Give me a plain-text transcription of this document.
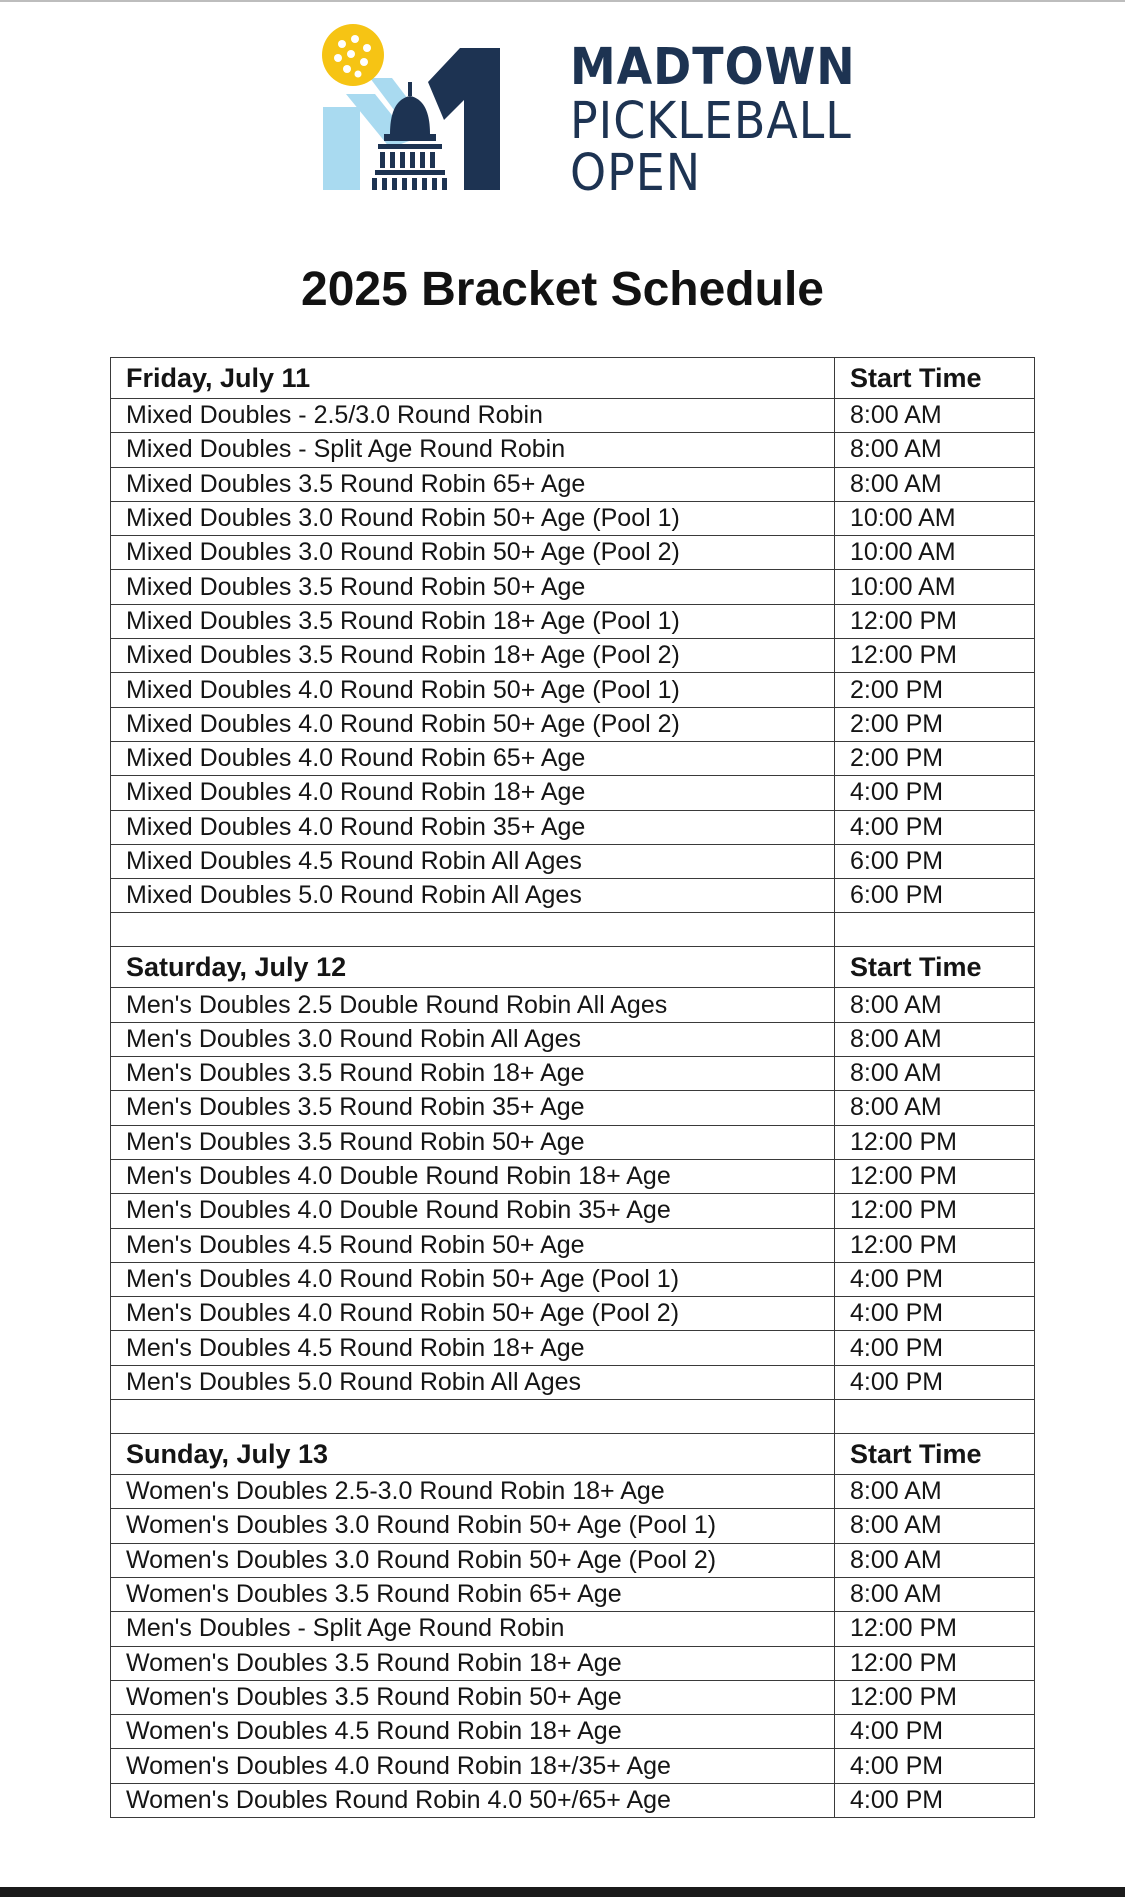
MADTOWN
PICKLEBALL
OPEN
2025 Bracket Schedule
Friday, July 11	Start Time
Mixed Doubles - 2.5/3.0 Round Robin	8:00 AM
Mixed Doubles - Split Age Round Robin	8:00 AM
Mixed Doubles 3.5 Round Robin 65+ Age	8:00 AM
Mixed Doubles 3.0 Round Robin 50+ Age (Pool 1)	10:00 AM
Mixed Doubles 3.0 Round Robin 50+ Age (Pool 2)	10:00 AM
Mixed Doubles 3.5 Round Robin 50+ Age	10:00 AM
Mixed Doubles 3.5 Round Robin 18+ Age (Pool 1)	12:00 PM
Mixed Doubles 3.5 Round Robin 18+ Age (Pool 2)	12:00 PM
Mixed Doubles 4.0 Round Robin 50+ Age (Pool 1)	2:00 PM
Mixed Doubles 4.0 Round Robin 50+ Age (Pool 2)	2:00 PM
Mixed Doubles 4.0 Round Robin 65+ Age	2:00 PM
Mixed Doubles 4.0 Round Robin 18+ Age	4:00 PM
Mixed Doubles 4.0 Round Robin 35+ Age	4:00 PM
Mixed Doubles 4.5 Round Robin All Ages	6:00 PM
Mixed Doubles 5.0 Round Robin All Ages	6:00 PM

Saturday, July 12	Start Time
Men's Doubles 2.5 Double Round Robin All Ages	8:00 AM
Men's Doubles 3.0 Round Robin All Ages	8:00 AM
Men's Doubles 3.5 Round Robin 18+ Age	8:00 AM
Men's Doubles 3.5 Round Robin 35+ Age	8:00 AM
Men's Doubles 3.5 Round Robin 50+ Age	12:00 PM
Men's Doubles 4.0 Double Round Robin 18+ Age	12:00 PM
Men's Doubles 4.0 Double Round Robin 35+ Age	12:00 PM
Men's Doubles 4.5 Round Robin 50+ Age	12:00 PM
Men's Doubles 4.0 Round Robin 50+ Age (Pool 1)	4:00 PM
Men's Doubles 4.0 Round Robin 50+ Age (Pool 2)	4:00 PM
Men's Doubles 4.5 Round Robin 18+ Age	4:00 PM
Men's Doubles 5.0 Round Robin All Ages	4:00 PM

Sunday, July 13	Start Time
Women's Doubles 2.5-3.0 Round Robin 18+ Age	8:00 AM
Women's Doubles 3.0 Round Robin 50+ Age (Pool 1)	8:00 AM
Women's Doubles 3.0 Round Robin 50+ Age (Pool 2)	8:00 AM
Women's Doubles 3.5 Round Robin 65+ Age	8:00 AM
Men's Doubles - Split Age Round Robin	12:00 PM
Women's Doubles 3.5 Round Robin 18+ Age	12:00 PM
Women's Doubles 3.5 Round Robin 50+ Age	12:00 PM
Women's Doubles 4.5 Round Robin 18+ Age	4:00 PM
Women's Doubles 4.0 Round Robin 18+/35+ Age	4:00 PM
Women's Doubles Round Robin 4.0 50+/65+ Age	4:00 PM
